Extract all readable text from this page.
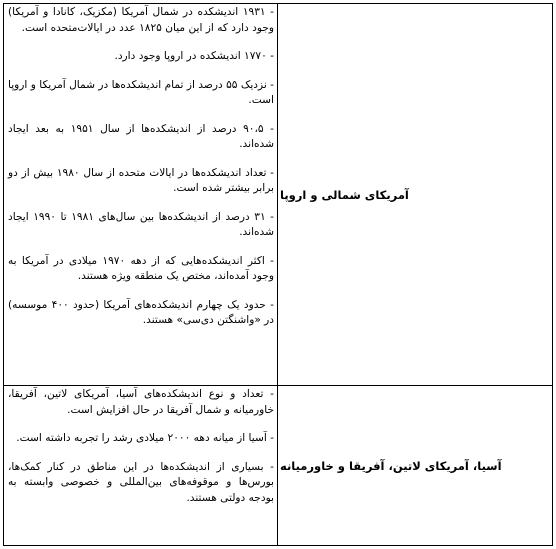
آمریکای شمالی و اروپا

- ۱۹۳۱ اندیشکده در شمال آمریکا (مکزیک، کانادا و آمریکا) وجود دارد که از این میان ۱۸۲۵ عدد در ایالات‌متحده است.

- ۱۷۷۰ اندیشکده در اروپا وجود دارد.

- نزدیک ۵۵ درصد از تمام اندیشکده‌ها در شمال آمریکا و اروپا است.

- ۹۰،۵ درصد از اندیشکده‌ها از سال ۱۹۵۱ به بعد ایجاد شده‌اند.

- تعداد اندیشکده‌ها در ایالات متحده از سال ۱۹۸۰ بیش از دو برابر بیشتر شده است.

- ۳۱ درصد از اندیشکده‌ها بین سال‌های ۱۹۸۱ تا ۱۹۹۰ ایجاد شده‌اند.

- اکثر اندیشکده‌هایی که از دهه ۱۹۷۰ میلادی در آمریکا به وجود آمده‌اند، مختص یک منطقه ویژه هستند.

- حدود یک چهارم اندیشکده‌های آمریکا (حدود ۴۰۰ موسسه) در «واشنگتن دی‌سی» هستند.

آسیا، آمریکای لاتین، آفریقا و خاورمیانه

- تعداد و نوع اندیشکده‌های آسیا، آمریکای لاتین، آفریقا، خاورمیانه و شمال آفریقا در حال افزایش است.

- آسیا از میانه دهه ۲۰۰۰ میلادی رشد را تجربه داشته است.

- بسیاری از اندیشکده‌ها در این مناطق در کنار کمک‌ها، بورس‌ها و موقوفه‌های بین‌المللی و خصوصی وابسته به بودجه دولتی هستند.
